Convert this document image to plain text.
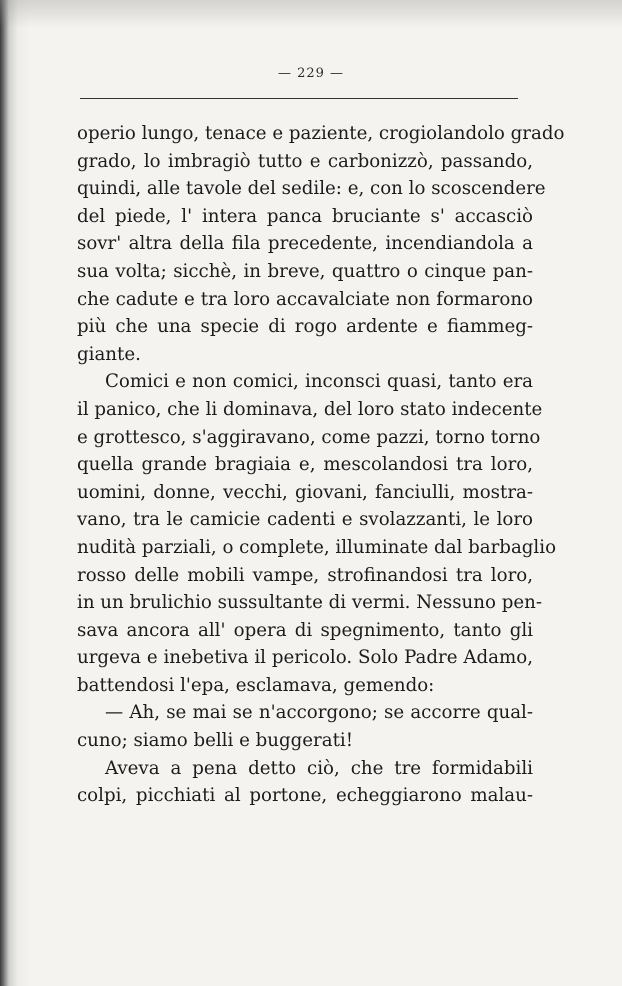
— 229 —
operio lungo, tenace e paziente, crogiolandolo grado
grado, lo imbragiò tutto e carbonizzò, passando,
quindi, alle tavole del sedile: e, con lo scoscendere
del piede, l' intera panca bruciante s' accasciò
sovr' altra della fila precedente, incendiandola a
sua volta; sicchè, in breve, quattro o cinque pan-
che cadute e tra loro accavalciate non formarono
più che una specie di rogo ardente e fiammeg-
giante.
Comici e non comici, inconsci quasi, tanto era
il panico, che li dominava, del loro stato indecente
e grottesco, s'aggiravano, come pazzi, torno torno
quella grande bragiaia e, mescolandosi tra loro,
uomini, donne, vecchi, giovani, fanciulli, mostra-
vano, tra le camicie cadenti e svolazzanti, le loro
nudità parziali, o complete, illuminate dal barbaglio
rosso delle mobili vampe, strofinandosi tra loro,
in un brulichio sussultante di vermi. Nessuno pen-
sava ancora all' opera di spegnimento, tanto gli
urgeva e inebetiva il pericolo. Solo Padre Adamo,
battendosi l'epa, esclamava, gemendo:
— Ah, se mai se n'accorgono; se accorre qual-
cuno; siamo belli e buggerati!
Aveva a pena detto ciò, che tre formidabili
colpi, picchiati al portone, echeggiarono malau-
